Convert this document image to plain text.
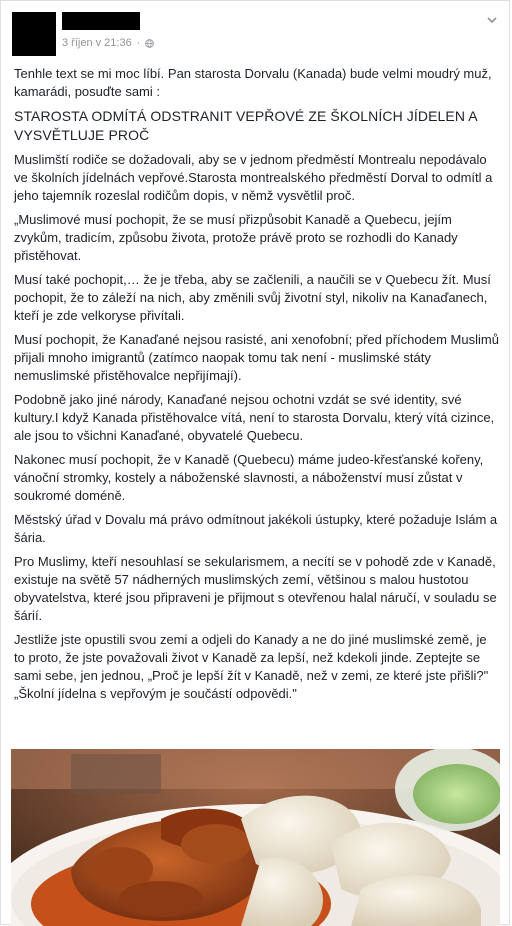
3 říjen v 21:36 ·

Tenhle text se mi moc líbí. Pan starosta Dorvalu (Kanada) bude velmi moudrý muž, kamarádi, posuďte sami :

STAROSTA ODMÍTÁ ODSTRANIT VEPŘOVÉ ZE ŠKOLNÍCH JÍDELEN A VYSVĚTLUJE PROČ

Muslimští rodiče se dožadovali, aby se v jednom předměstí Montrealu nepodávalo ve školních jídelnách vepřové.Starosta montrealského předměstí Dorval to odmítl a jeho tajemník rozeslal rodičům dopis, v němž vysvětlil proč.

„Muslimové musí pochopit, že se musí přizpůsobit Kanadě a Quebecu, jejím zvykům, tradicím, způsobu života, protože právě proto se rozhodli do Kanady přistěhovat.

Musí také pochopit,… že je třeba, aby se začlenili, a naučili se v Quebecu žít. Musí pochopit, že to záleží na nich, aby změnili svůj životní styl, nikoliv na Kanaďanech, kteří je zde velkoryse přivítali.

Musí pochopit, že Kanaďané nejsou rasisté, ani xenofobní; před příchodem Muslimů přijali mnoho imigrantů (zatímco naopak tomu tak není - muslimské státy nemuslimské přistěhovalce nepřijímají).

Podobně jako jiné národy, Kanaďané nejsou ochotni vzdát se své identity, své kultury.I když Kanada přistěhovalce vítá, není to starosta Dorvalu, který vítá cizince, ale jsou to všichni Kanaďané, obyvatelé Quebecu.

Nakonec musí pochopit, že v Kanadě (Quebecu) máme judeo-křesťanské kořeny, vánoční stromky, kostely a náboženské slavnosti, a náboženství musí zůstat v soukromé doméně.

Městský úřad v Dovalu má právo odmítnout jakékoli ústupky, které požaduje Islám a šária.

Pro Muslimy, kteří nesouhlasí se sekularismem, a necítí se v pohodě zde v Kanadě, existuje na světě 57 nádherných muslimských zemí, většinou s malou hustotou obyvatelstva, které jsou připraveni je přijmout s otevřenou halal náručí, v souladu se šárií.

Jestliže jste opustili svou zemi a odjeli do Kanady a ne do jiné muslimské země, je to proto, že jste považovali život v Kanadě za lepší, než kdekoli jinde. Zeptejte se sami sebe, jen jednou, „Proč je lepší žít v Kanadě, než v zemi, ze které jste přišli?" „Školní jídelna s vepřovým je součástí odpovědi."
